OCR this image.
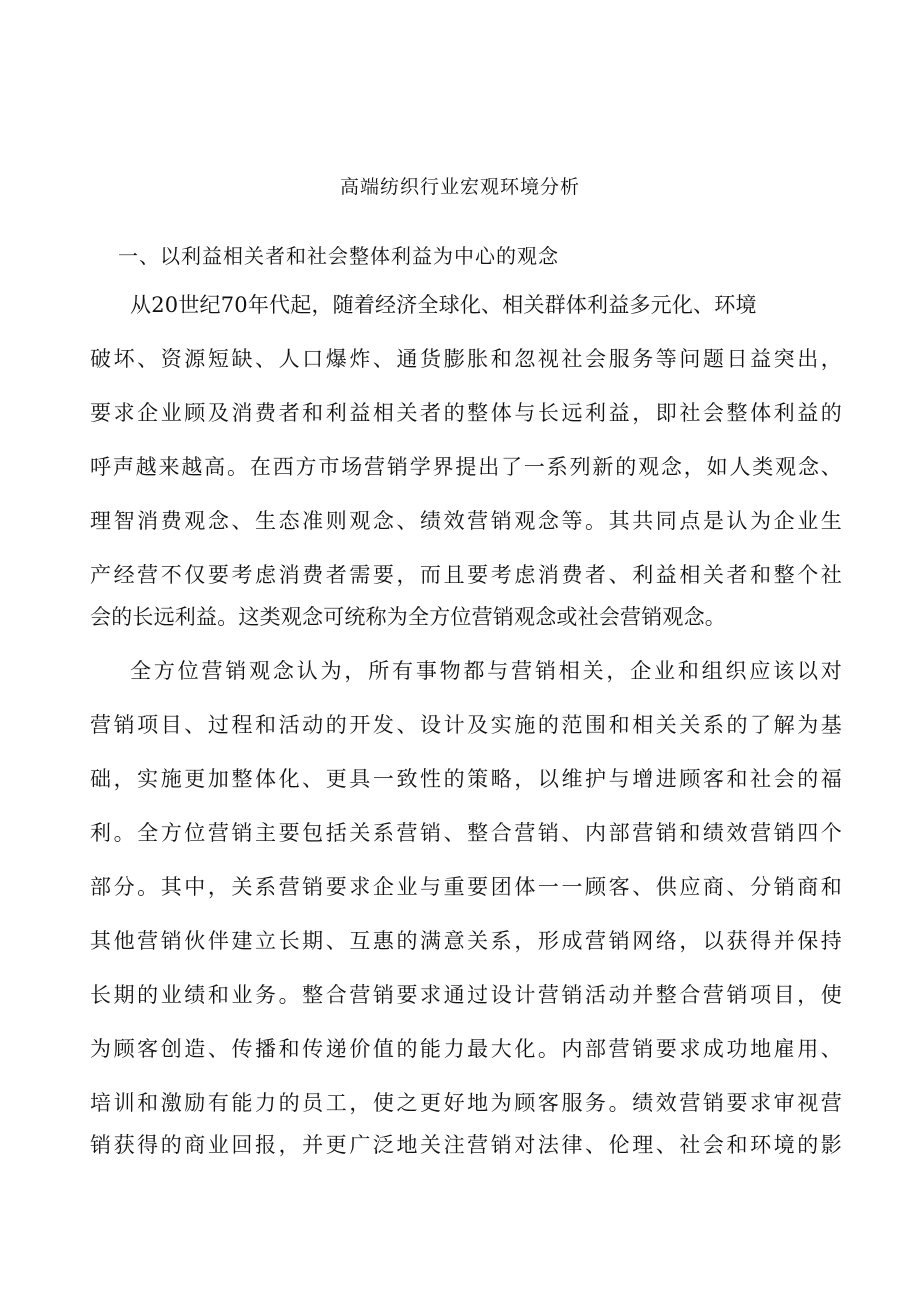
高端纺织行业宏观环境分析
一、以利益相关者和社会整体利益为中心的观念
从20世纪70年代起，随着经济全球化、相关群体利益多元化、环境
破坏、资源短缺、人口爆炸、通货膨胀和忽视社会服务等问题日益突出，
要求企业顾及消费者和利益相关者的整体与长远利益，即社会整体利益的
呼声越来越高。在西方市场营销学界提出了一系列新的观念，如人类观念、
理智消费观念、生态准则观念、绩效营销观念等。其共同点是认为企业生
产经营不仅要考虑消费者需要，而且要考虑消费者、利益相关者和整个社
会的长远利益。这类观念可统称为全方位营销观念或社会营销观念。
全方位营销观念认为，所有事物都与营销相关，企业和组织应该以对
营销项目、过程和活动的开发、设计及实施的范围和相关关系的了解为基
础，实施更加整体化、更具一致性的策略，以维护与增进顾客和社会的福
利。全方位营销主要包括关系营销、整合营销、内部营销和绩效营销四个
部分。其中，关系营销要求企业与重要团体一一顾客、供应商、分销商和
其他营销伙伴建立长期、互惠的满意关系，形成营销网络，以获得并保持
长期的业绩和业务。整合营销要求通过设计营销活动并整合营销项目，使
为顾客创造、传播和传递价值的能力最大化。内部营销要求成功地雇用、
培训和激励有能力的员工，使之更好地为顾客服务。绩效营销要求审视营
销获得的商业回报，并更广泛地关注营销对法律、伦理、社会和环境的影
